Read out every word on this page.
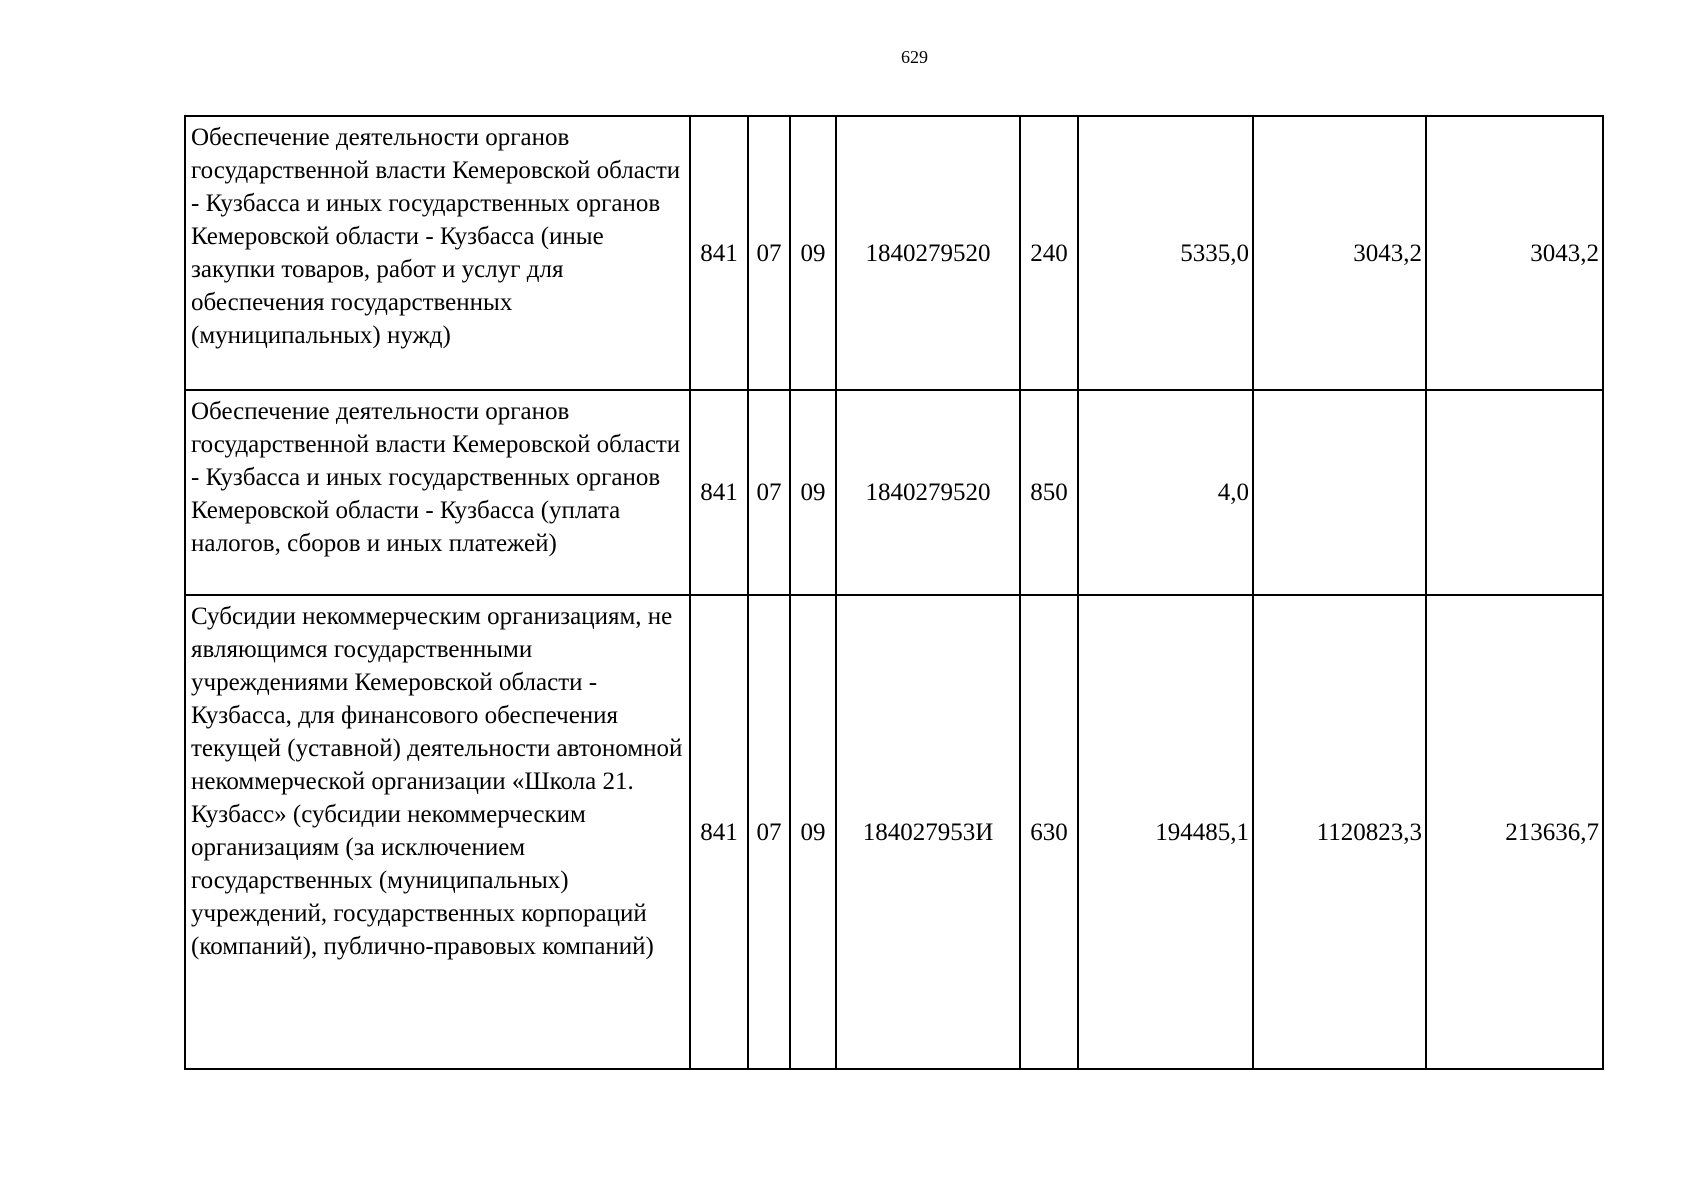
629
Обеспечение деятельности органов государственной власти Кемеровской области - Кузбасса и иных государственных органов Кемеровской области - Кузбасса (иные закупки товаров, работ и услуг для обеспечения государственных (муниципальных) нужд)	841	07	09	1840279520	240	5335,0	3043,2	3043,2
Обеспечение деятельности органов государственной власти Кемеровской области - Кузбасса и иных государственных органов Кемеровской области - Кузбасса (уплата налогов, сборов и иных платежей)	841	07	09	1840279520	850	4,0		
Субсидии некоммерческим организациям, не являющимся государственными учреждениями Кемеровской области - Кузбасса, для финансового обеспечения текущей (уставной) деятельности автономной некоммерческой организации «Школа 21. Кузбасс» (субсидии некоммерческим организациям (за исключением государственных (муниципальных) учреждений, государственных корпораций (компаний), публично-правовых компаний)	841	07	09	184027953И	630	194485,1	1120823,3	213636,7
